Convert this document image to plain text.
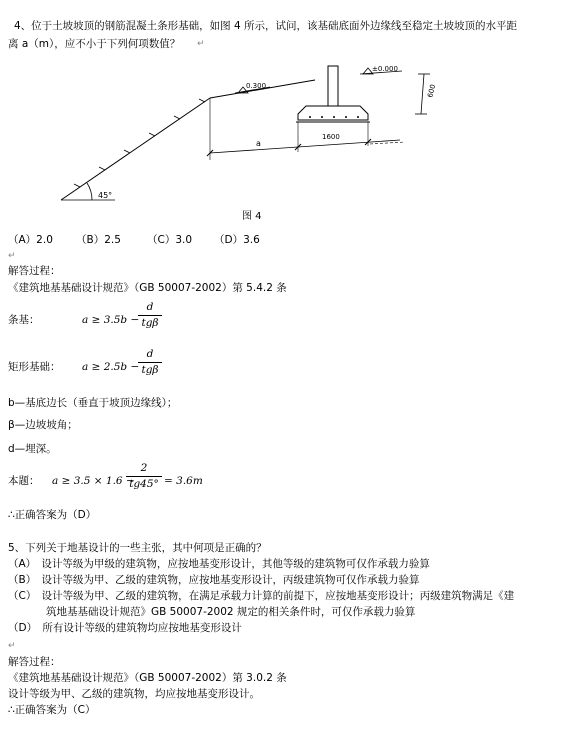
4、位于土坡坡顶的钢筋混凝土条形基础，如图 4 所示，试问，该基础底面外边缘线至稳定土坡坡顶的水平距
离 a（m），应不小于下列何项数值？ ↵
0.300
±0.000
600
a
1600
45°
图 4
（A）2.0 （B）2.5 （C）3.0 （D）3.6
↵
解答过程：
《建筑地基基础设计规范》（GB 50007-2002）第 5.4.2 条
条基：	a ≥ 3.5b −
d
tgβ
矩形基础： a ≥ 2.5b −
d
tgβ
b—基底边长（垂直于坡顶边缘线）；
β—边坡坡角；
d—埋深。
本题： a ≥ 3.5 × 1.6 −
2
tg45° = 3.6m
∴正确答案为（D）
5、下列关于地基设计的一些主张，其中何项是正确的？
（A）　设计等级为甲级的建筑物，应按地基变形设计，其他等级的建筑物可仅作承载力验算
（B）　设计等级为甲、乙级的建筑物，应按地基变形设计，丙级建筑物可仅作承载力验算
（C）　设计等级为甲、乙级的建筑物，在满足承载力计算的前提下，应按地基变形设计；丙级建筑物满足《建
筑地基基础设计规范》GB 50007-2002 规定的相关条件时，可仅作承载力验算
（D）　所有设计等级的建筑物均应按地基变形设计
↵
解答过程：
《建筑地基基础设计规范》（GB 50007-2002）第 3.0.2 条
设计等级为甲、乙级的建筑物，均应按地基变形设计。
∴正确答案为（C）
